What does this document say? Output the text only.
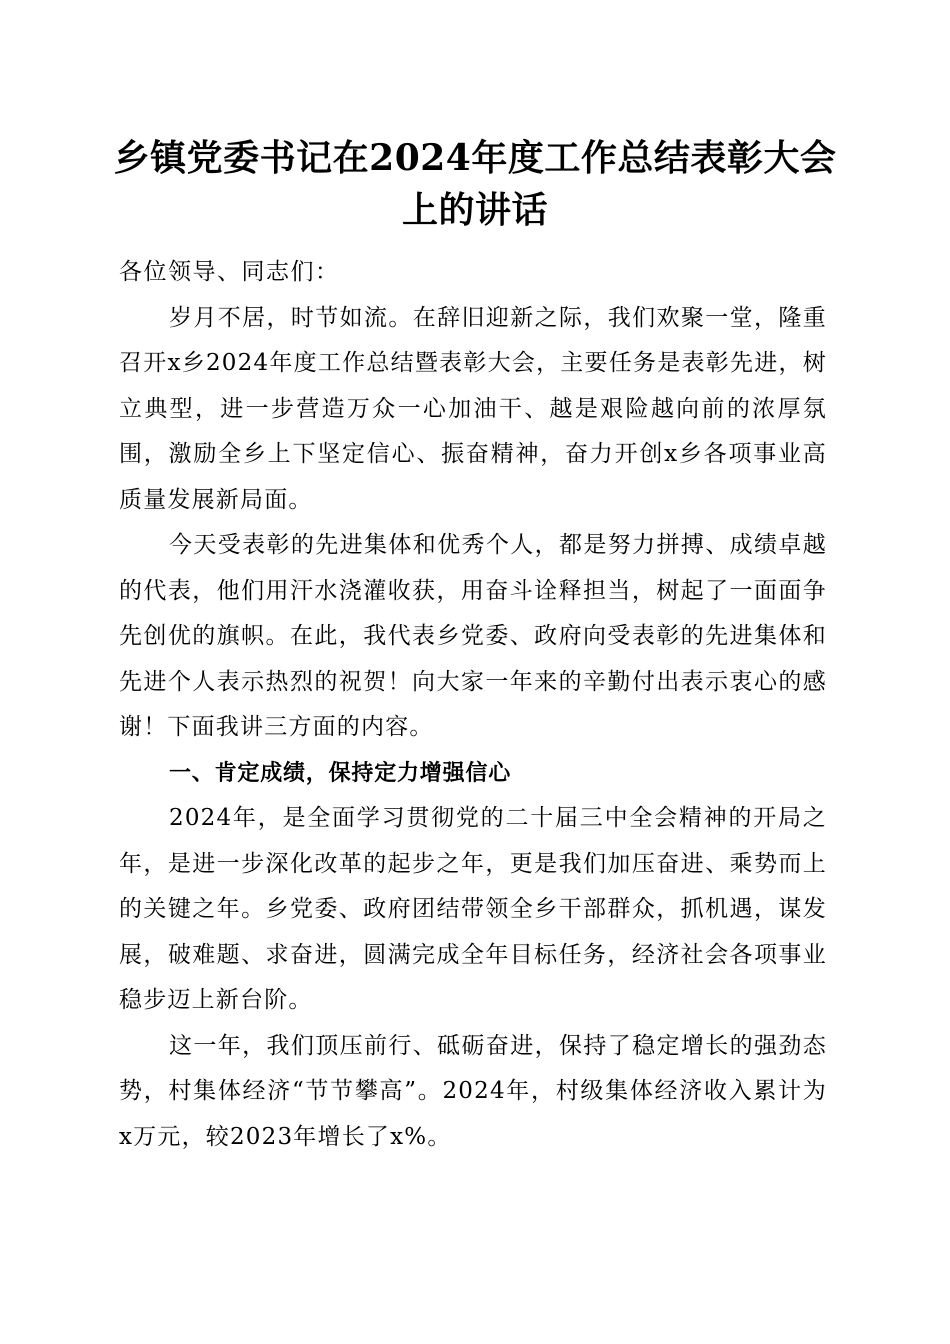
乡镇党委书记在2024年度工作总结表彰大会上的讲话

各位领导、同志们：

岁月不居，时节如流。在辞旧迎新之际，我们欢聚一堂，隆重召开x乡2024年度工作总结暨表彰大会，主要任务是表彰先进，树立典型，进一步营造万众一心加油干、越是艰险越向前的浓厚氛围，激励全乡上下坚定信心、振奋精神，奋力开创x乡各项事业高质量发展新局面。

今天受表彰的先进集体和优秀个人，都是努力拼搏、成绩卓越的代表，他们用汗水浇灌收获，用奋斗诠释担当，树起了一面面争先创优的旗帜。在此，我代表乡党委、政府向受表彰的先进集体和先进个人表示热烈的祝贺！向大家一年来的辛勤付出表示衷心的感谢！下面我讲三方面的内容。

一、肯定成绩，保持定力增强信心

2024年，是全面学习贯彻党的二十届三中全会精神的开局之年，是进一步深化改革的起步之年，更是我们加压奋进、乘势而上的关键之年。乡党委、政府团结带领全乡干部群众，抓机遇，谋发展，破难题、求奋进，圆满完成全年目标任务，经济社会各项事业稳步迈上新台阶。

这一年，我们顶压前行、砥砺奋进，保持了稳定增长的强劲态势，村集体经济“节节攀高”。2024年，村级集体经济收入累计为x万元，较2023年增长了x%。
